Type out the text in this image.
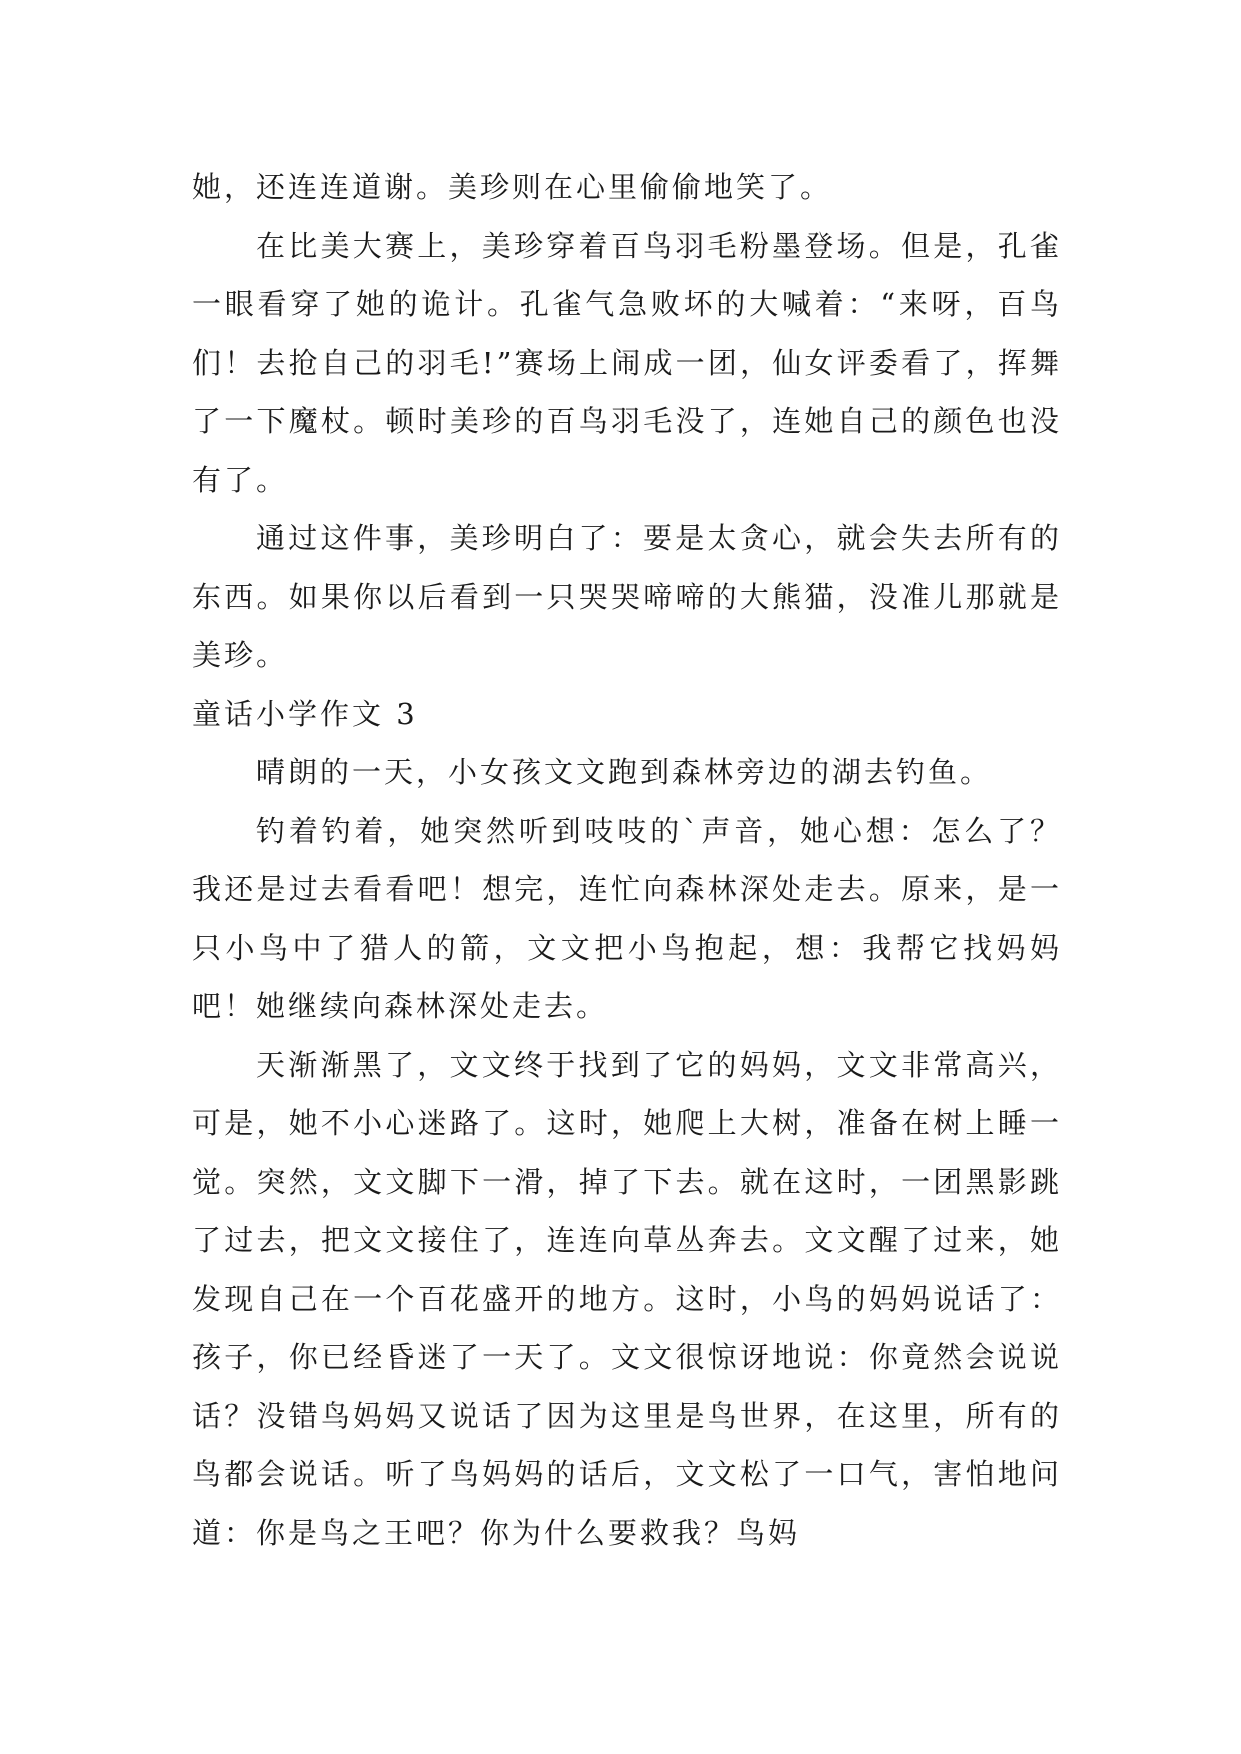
她，还连连道谢。美珍则在心里偷偷地笑了。

在比美大赛上，美珍穿着百鸟羽毛粉墨登场。但是，孔雀一眼看穿了她的诡计。孔雀气急败坏的大喊着：“来呀，百鸟们！去抢自己的羽毛!”赛场上闹成一团，仙女评委看了，挥舞了一下魔杖。顿时美珍的百鸟羽毛没了，连她自己的颜色也没有了。

通过这件事，美珍明白了：要是太贪心，就会失去所有的东西。如果你以后看到一只哭哭啼啼的大熊猫，没准儿那就是美珍。

童话小学作文 3

晴朗的一天，小女孩文文跑到森林旁边的湖去钓鱼。

钓着钓着，她突然听到吱吱的`声音，她心想：怎么了？我还是过去看看吧！想完，连忙向森林深处走去。原来，是一只小鸟中了猎人的箭，文文把小鸟抱起，想：我帮它找妈妈吧！她继续向森林深处走去。

天渐渐黑了，文文终于找到了它的妈妈，文文非常高兴，可是，她不小心迷路了。这时，她爬上大树，准备在树上睡一觉。突然，文文脚下一滑，掉了下去。就在这时，一团黑影跳了过去，把文文接住了，连连向草丛奔去。文文醒了过来，她发现自己在一个百花盛开的地方。这时，小鸟的妈妈说话了：孩子，你已经昏迷了一天了。文文很惊讶地说：你竟然会说说话？没错鸟妈妈又说话了因为这里是鸟世界，在这里，所有的鸟都会说话。听了鸟妈妈的话后，文文松了一口气，害怕地问道：你是鸟之王吧？你为什么要救我？鸟妈
